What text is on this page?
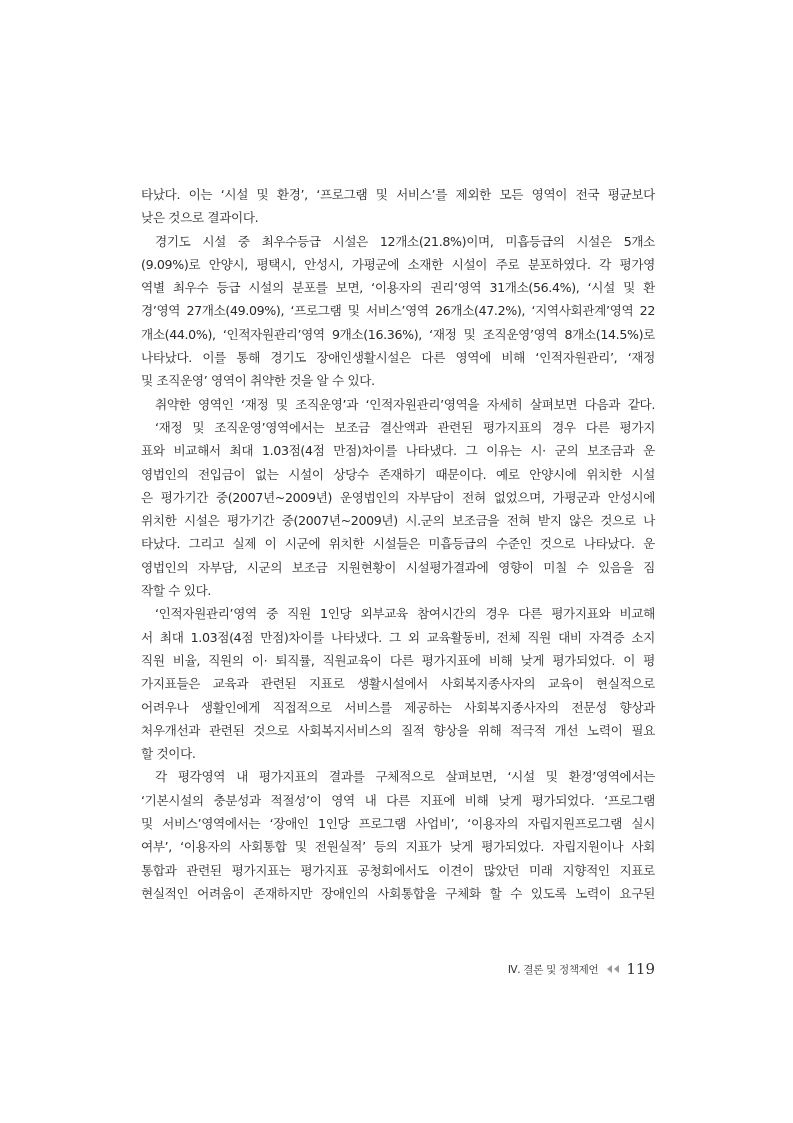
타났다. 이는 ‘시설 및 환경’, ‘프로그램 및 서비스’를 제외한 모든 영역이 전국 평균보다
낮은 것으로 결과이다.
경기도 시설 중 최우수등급 시설은 12개소(21.8%)이며, 미흡등급의 시설은 5개소
(9.09%)로 안양시, 평택시, 안성시, 가평군에 소재한 시설이 주로 분포하였다. 각 평가영
역별 최우수 등급 시설의 분포를 보면, ‘이용자의 권리’영역 31개소(56.4%), ‘시설 및 환
경’영역 27개소(49.09%), ‘프로그램 및 서비스’영역 26개소(47.2%), ‘지역사회관계’영역 22
개소(44.0%), ‘인적자원관리’영역 9개소(16.36%), ‘재정 및 조직운영’영역 8개소(14.5%)로
나타났다. 이를 통해 경기도 장애인생활시설은 다른 영역에 비해 ‘인적자원관리’, ‘재정
및 조직운영’ 영역이 취약한 것을 알 수 있다.
취약한 영역인 ‘재정 및 조직운영’과 ‘인적자원관리’영역을 자세히 살펴보면 다음과 같다.
‘재정 및 조직운영’영역에서는 보조금 결산액과 관련된 평가지표의 경우 다른 평가지
표와 비교해서 최대 1.03점(4점 만점)차이를 나타냈다. 그 이유는 시· 군의 보조금과 운
영법인의 전입금이 없는 시설이 상당수 존재하기 때문이다. 예로 안양시에 위치한 시설
은 평가기간 중(2007년~2009년) 운영법인의 자부담이 전혀 없었으며, 가평군과 안성시에
위치한 시설은 평가기간 중(2007년~2009년) 시.군의 보조금을 전혀 받지 않은 것으로 나
타났다. 그리고 실제 이 시군에 위치한 시설들은 미흡등급의 수준인 것으로 나타났다. 운
영법인의 자부담, 시군의 보조금 지원현황이 시설평가결과에 영향이 미칠 수 있음을 짐
작할 수 있다.
‘인적자원관리’영역 중 직원 1인당 외부교육 참여시간의 경우 다른 평가지표와 비교해
서 최대 1.03점(4점 만점)차이를 나타냈다. 그 외 교육활동비, 전체 직원 대비 자격증 소지
직원 비율, 직원의 이· 퇴직률, 직원교육이 다른 평가지표에 비해 낮게 평가되었다. 이 평
가지표들은 교육과 관련된 지표로 생활시설에서 사회복지종사자의 교육이 현실적으로
어려우나 생활인에게 직접적으로 서비스를 제공하는 사회복지종사자의 전문성 향상과
처우개선과 관련된 것으로 사회복지서비스의 질적 향상을 위해 적극적 개선 노력이 필요
할 것이다.
각 평각영역 내 평가지표의 결과를 구체적으로 살펴보면, ‘시설 및 환경’영역에서는
‘기본시설의 충분성과 적절성’이 영역 내 다른 지표에 비해 낮게 평가되었다. ‘프로그램
및 서비스’영역에서는 ‘장애인 1인당 프로그램 사업비’, ‘이용자의 자립지원프로그램 실시
여부’, ‘이용자의 사회통합 및 전원실적’ 등의 지표가 낮게 평가되었다. 자립지원이나 사회
통합과 관련된 평가지표는 평가지표 공청회에서도 이견이 많았던 미래 지향적인 지표로
현실적인 어려움이 존재하지만 장애인의 사회통합을 구체화 할 수 있도록 노력이 요구된
Ⅳ. 결론 및 정책제언 119
